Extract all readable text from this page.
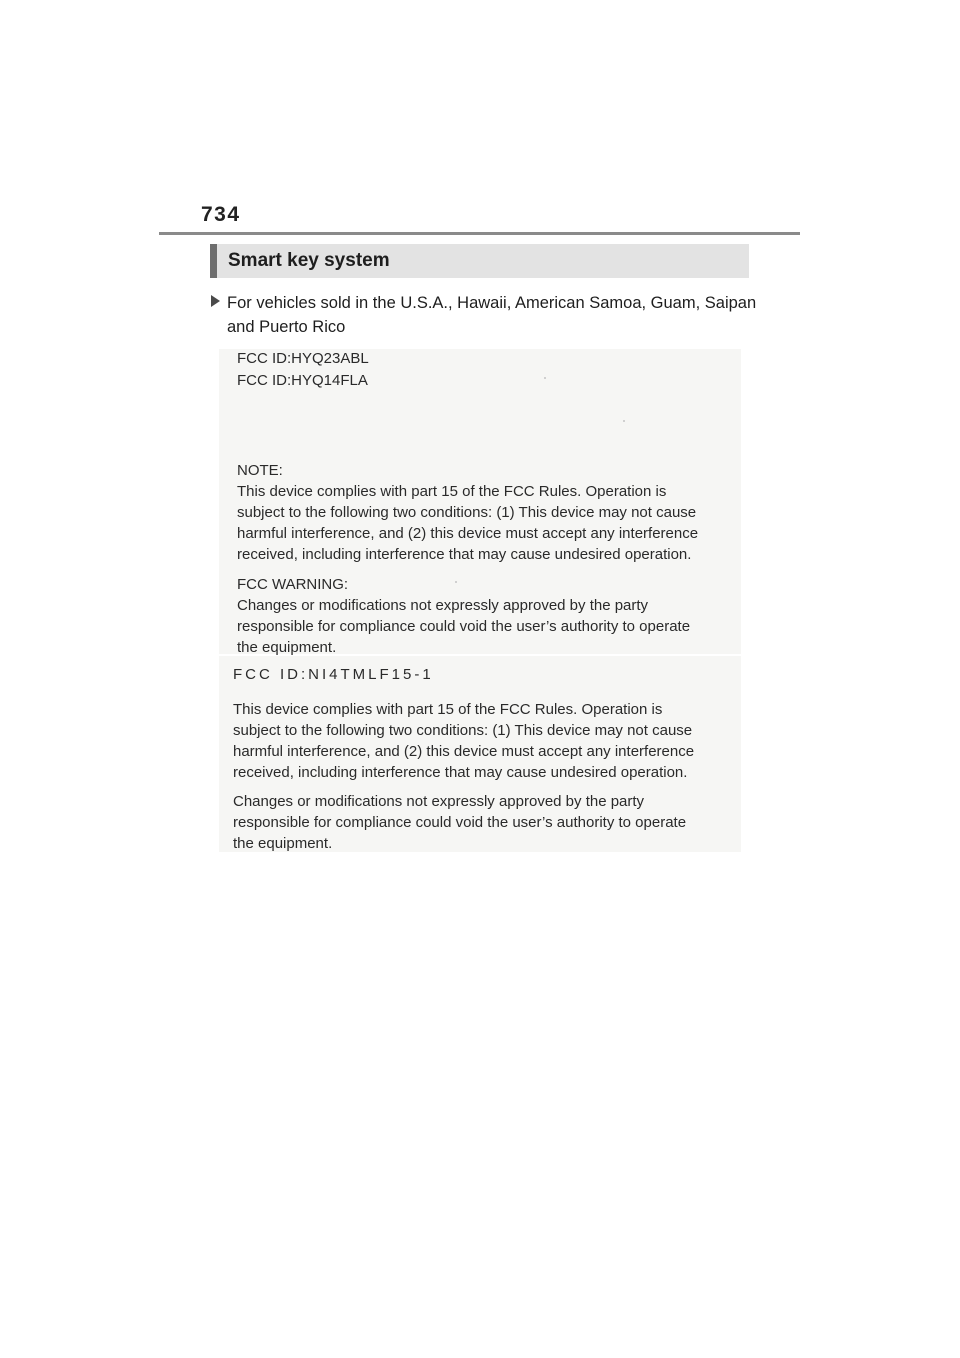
734
Smart key system
For vehicles sold in the U.S.A., Hawaii, American Samoa, Guam, Saipan and Puerto Rico
FCC ID:HYQ23ABL
FCC ID:HYQ14FLA
NOTE:
This device complies with part 15 of the FCC Rules. Operation is
subject to the following two conditions: (1) This device may not cause
harmful interference, and (2) this device must accept any interference
received, including interference that may cause undesired operation.
FCC WARNING:
Changes or modifications not expressly approved by the party
responsible for compliance could void the user’s authority to operate
the equipment.
FCC ID:NI4TMLF15-1
This device complies with part 15 of the FCC Rules. Operation is
subject to the following two conditions: (1) This device may not cause
harmful interference, and (2) this device must accept any interference
received, including interference that may cause undesired operation.
Changes or modifications not expressly approved by the party
responsible for compliance could void the user’s authority to operate
the equipment.
